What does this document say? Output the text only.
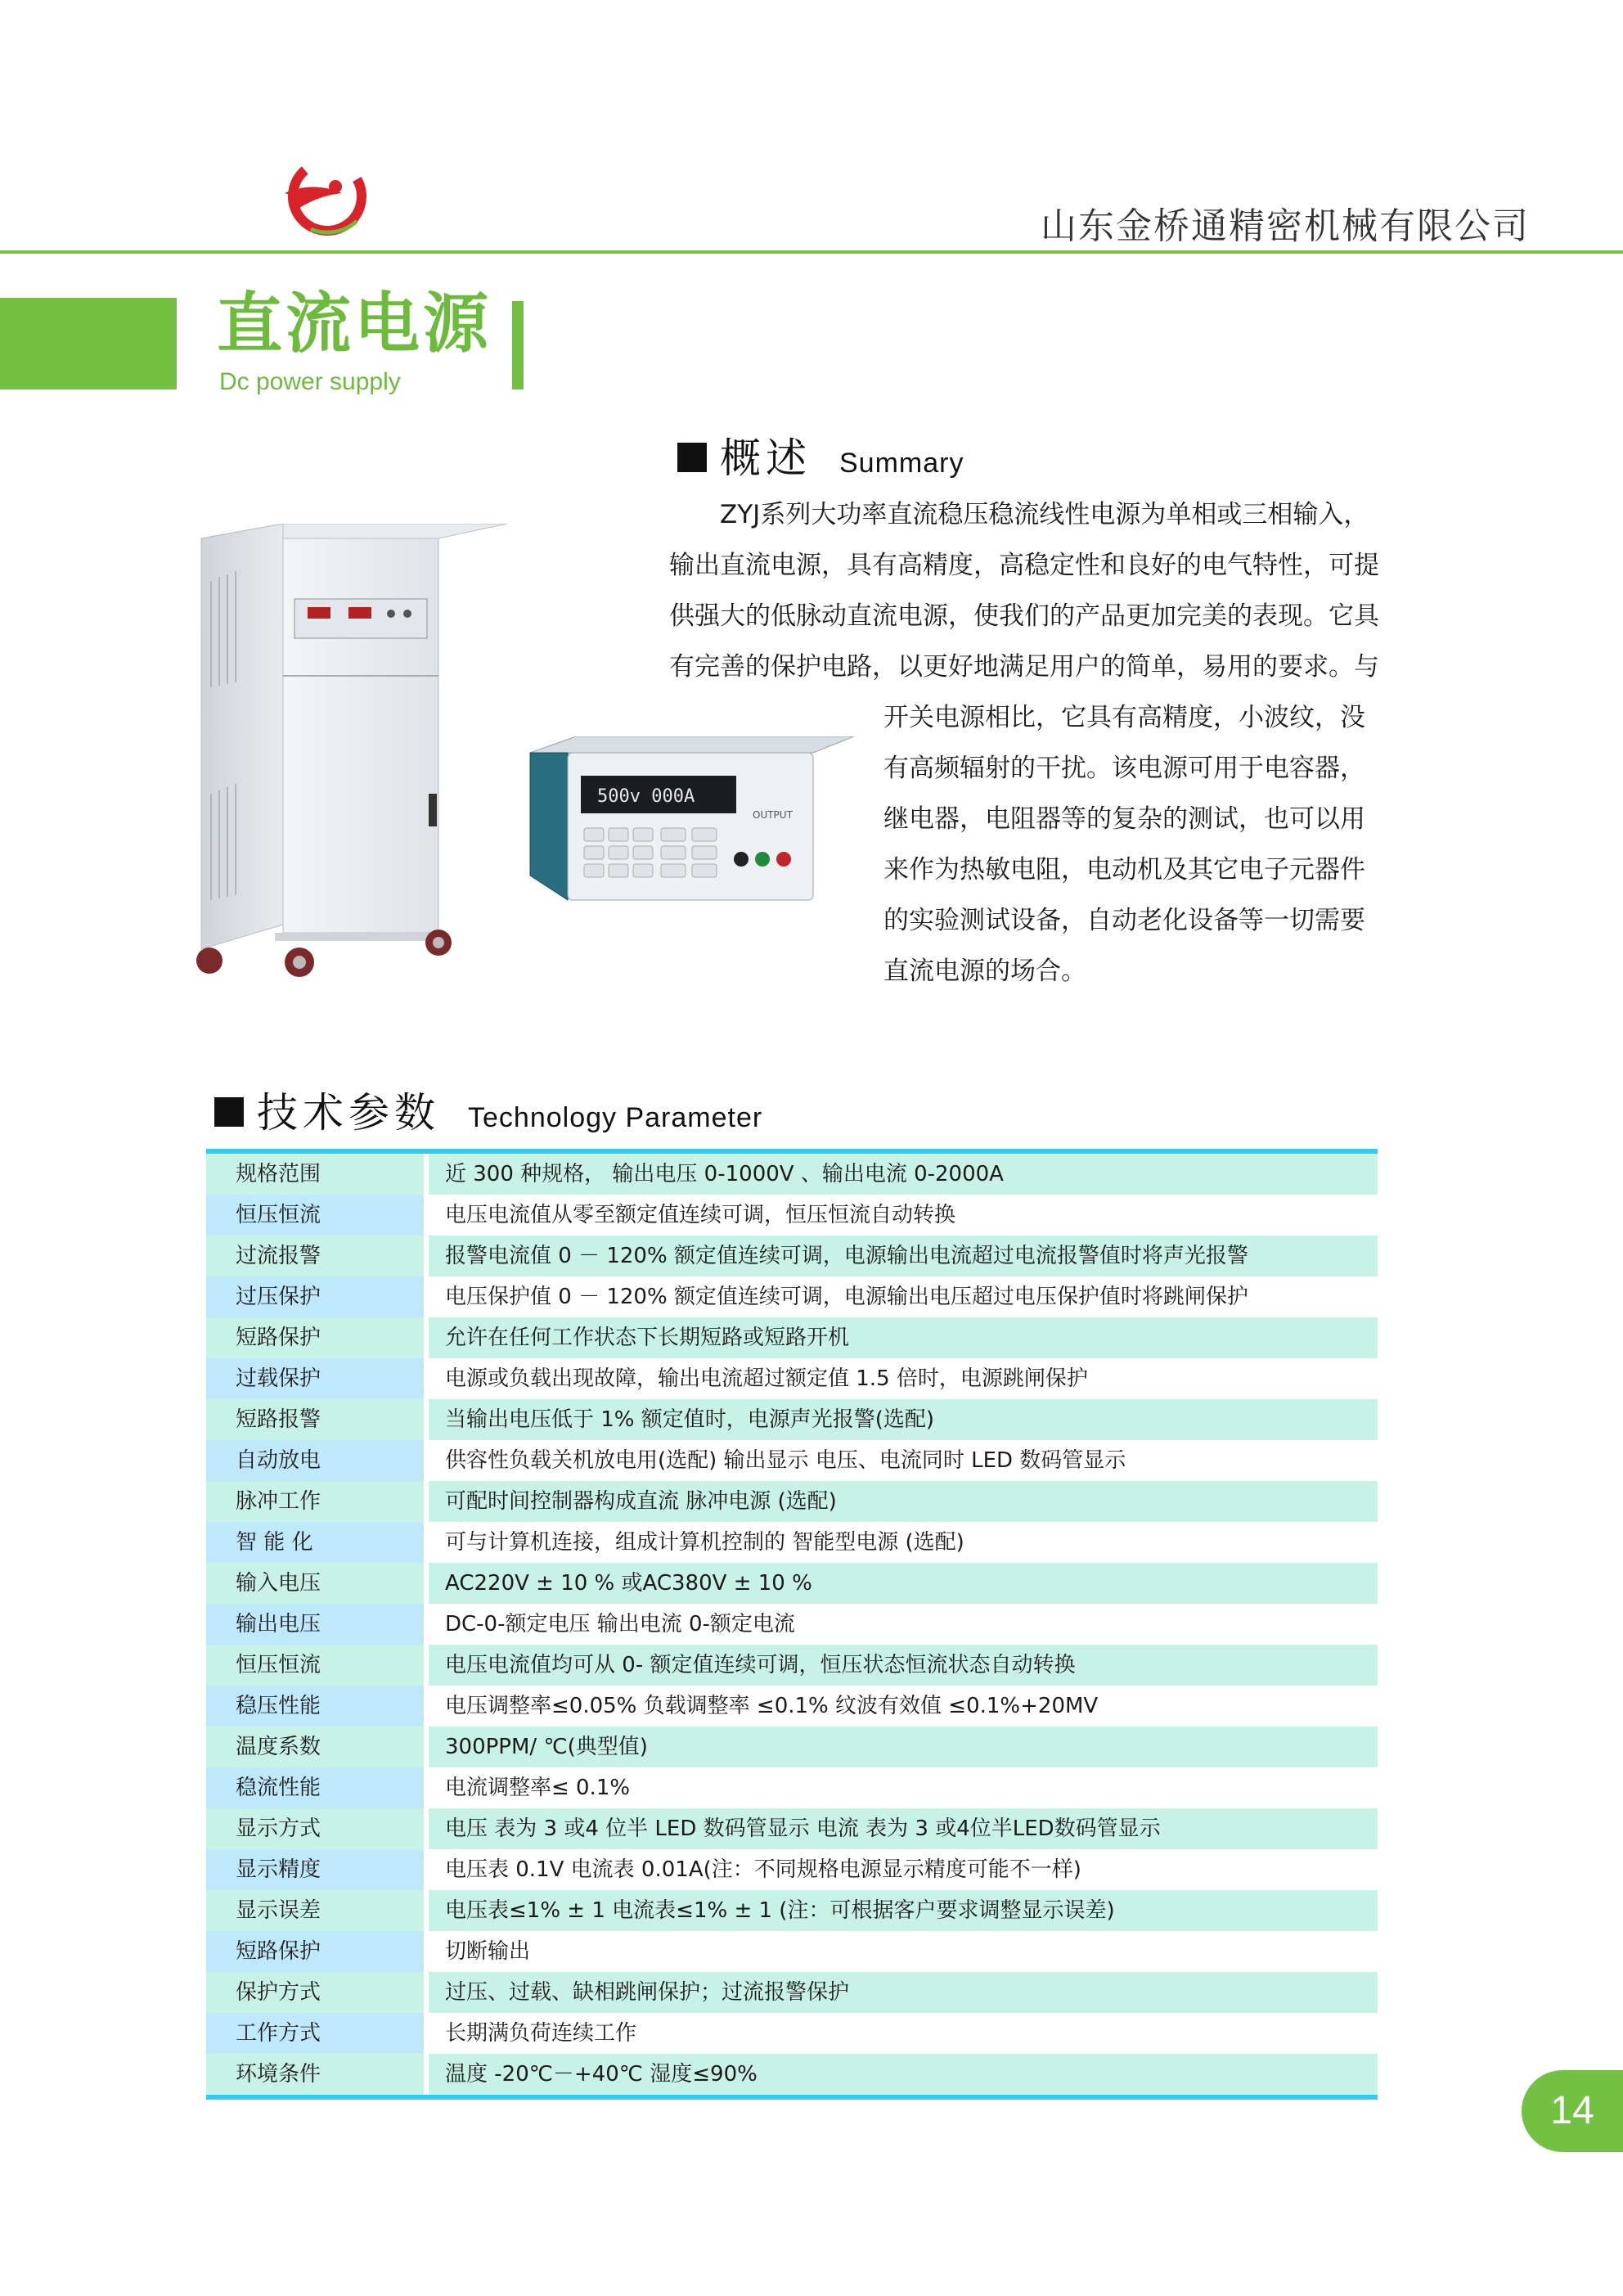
山东金桥通精密机械有限公司
直流电源
Dc power supply
概述 Summary
ZYJ系列大功率直流稳压稳流线性电源为单相或三相输入，
输出直流电源，具有高精度，高稳定性和良好的电气特性，可提
供强大的低脉动直流电源，使我们的产品更加完美的表现。它具
有完善的保护电路，以更好地满足用户的简单，易用的要求。与
开关电源相比，它具有高精度，小波纹，没
有高频辐射的干扰。该电源可用于电容器，
继电器，电阻器等的复杂的测试，也可以用
来作为热敏电阻，电动机及其它电子元器件
的实验测试设备，自动老化设备等一切需要
直流电源的场合。
500v 000A
OUTPUT
技术参数 Technology Parameter
规格范围	近 300 种规格， 输出电压 0-1000V 、输出电流 0-2000A
恒压恒流	电压电流值从零至额定值连续可调，恒压恒流自动转换
过流报警	报警电流值 0 － 120% 额定值连续可调，电源输出电流超过电流报警值时将声光报警
过压保护	电压保护值 0 － 120% 额定值连续可调，电源输出电压超过电压保护值时将跳闸保护
短路保护	允许在任何工作状态下长期短路或短路开机
过载保护	电源或负载出现故障，输出电流超过额定值 1.5 倍时，电源跳闸保护
短路报警	当输出电压低于 1% 额定值时，电源声光报警(选配)
自动放电	供容性负载关机放电用(选配) 输出显示 电压、电流同时 LED 数码管显示
脉冲工作	可配时间控制器构成直流 脉冲电源 (选配)
智 能 化	可与计算机连接，组成计算机控制的 智能型电源 (选配)
输入电压	AC220V ± 10 % 或AC380V ± 10 %
输出电压	DC-0-额定电压 输出电流 0-额定电流
恒压恒流	电压电流值均可从 0- 额定值连续可调，恒压状态恒流状态自动转换
稳压性能	电压调整率≤0.05% 负载调整率 ≤0.1% 纹波有效值 ≤0.1%+20MV
温度系数	300PPM/ ℃(典型值)
稳流性能	电流调整率≤ 0.1%
显示方式	电压 表为 3 或4 位半 LED 数码管显示 电流 表为 3 或4位半LED数码管显示
显示精度	电压表 0.1V 电流表 0.01A(注：不同规格电源显示精度可能不一样)
显示误差	电压表≤1% ± 1 电流表≤1% ± 1 (注：可根据客户要求调整显示误差)
短路保护	切断输出
保护方式	过压、过载、缺相跳闸保护；过流报警保护
工作方式	长期满负荷连续工作
环境条件	温度 -20℃－+40℃ 湿度≤90%
14
